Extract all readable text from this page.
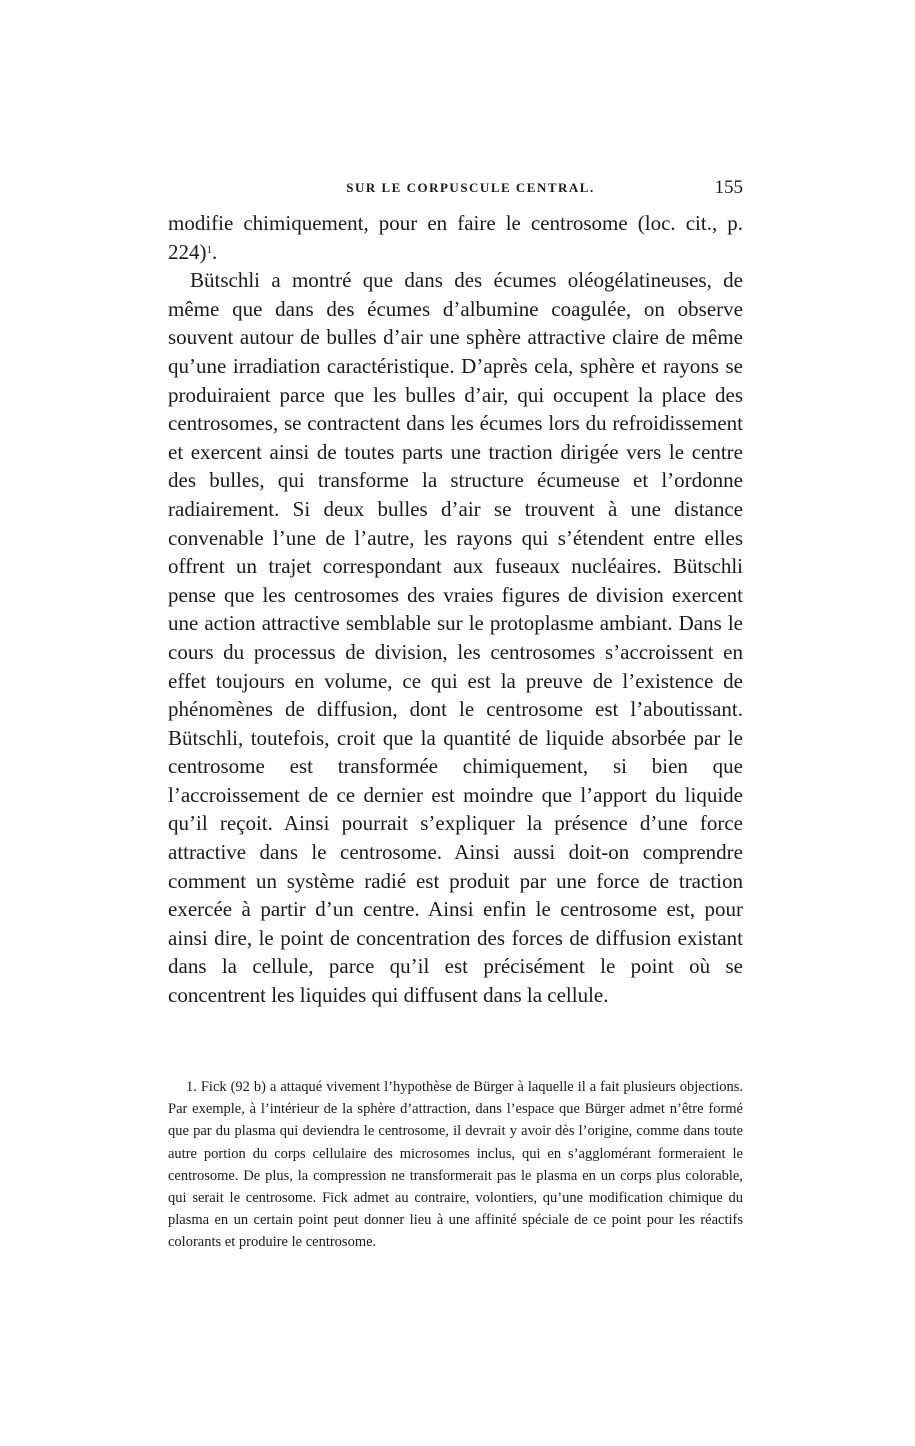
SUR LE CORPUSCULE CENTRAL.	155

modifie chimiquement, pour en faire le centrosome (loc. cit., p. 224)$^1$.

Bütschli a montré que dans des écumes oléogélatineuses, de même que dans des écumes d’albumine coagulée, on observe souvent autour de bulles d’air une sphère attractive claire de même qu’une irradiation caractéristique. D’après cela, sphère et rayons se produiraient parce que les bulles d’air, qui occupent la place des centrosomes, se contractent dans les écumes lors du refroidissement et exercent ainsi de toutes parts une traction dirigée vers le centre des bulles, qui transforme la structure écumeuse et l’ordonne radiairement. Si deux bulles d’air se trouvent à une distance convenable l’une de l’autre, les rayons qui s’étendent entre elles offrent un trajet correspondant aux fuseaux nucléaires. Bütschli pense que les centrosomes des vraies figures de division exercent une action attractive semblable sur le protoplasme ambiant. Dans le cours du processus de division, les centrosomes s’accroissent en effet toujours en volume, ce qui est la preuve de l’existence de phénomènes de diffusion, dont le centrosome est l’aboutissant. Bütschli, toutefois, croit que la quantité de liquide absorbée par le centrosome est transformée chimiquement, si bien que l’accroissement de ce dernier est moindre que l’apport du liquide qu’il reçoit. Ainsi pourrait s’expliquer la présence d’une force attractive dans le centrosome. Ainsi aussi doit-on comprendre comment un système radié est produit par une force de traction exercée à partir d’un centre. Ainsi enfin le centrosome est, pour ainsi dire, le point de concentration des forces de diffusion existant dans la cellule, parce qu’il est précisément le point où se concentrent les liquides qui diffusent dans la cellule.

1. Fick (92 b) a attaqué vivement l’hypothèse de Bürger à laquelle il a fait plusieurs objections. Par exemple, à l’intérieur de la sphère d’attraction, dans l’espace que Bürger admet n’être formé que par du plasma qui deviendra le centrosome, il devrait y avoir dès l’origine, comme dans toute autre portion du corps cellulaire des microsomes inclus, qui en s’agglomérant formeraient le centrosome. De plus, la compression ne transformerait pas le plasma en un corps plus colorable, qui serait le centrosome. Fick admet au contraire, volontiers, qu’une modification chimique du plasma en un certain point peut donner lieu à une affinité spéciale de ce point pour les réactifs colorants et produire le centrosome.
